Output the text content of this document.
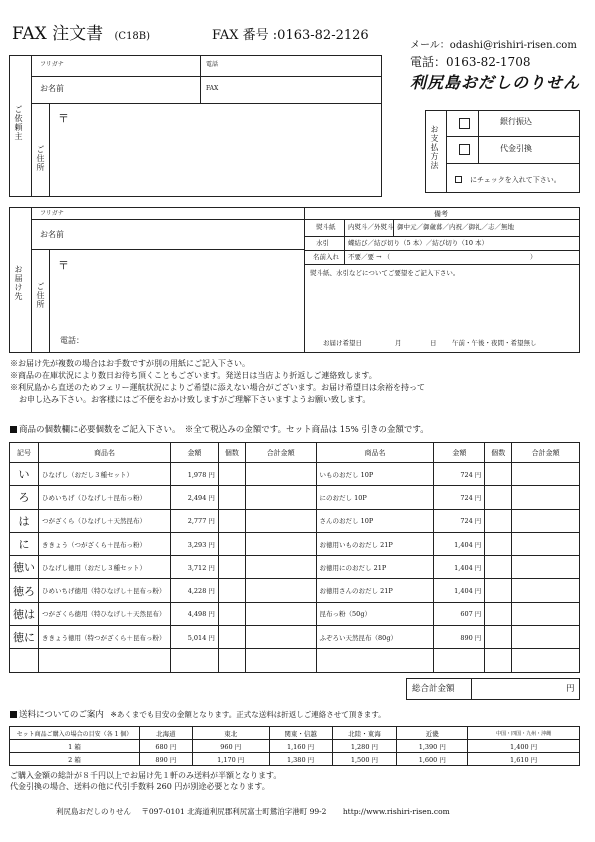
FAX 注文書 (C18B)	FAX 番号 :0163-82-2126
メール：odashi@rishiri-risen.com
電話：0163-82-1708
利尻島おだしのりせん
ご依頼主
フリガナ	電話
お名前	FAX
ご住所
〒
お支払方法
銀行振込
代金引換
にチェックを入れて下さい。
お届け先
フリガナ
お名前
ご住所
〒
電話：
備考
熨斗紙 内熨斗／外熨斗 御中元／御歳暮／内祝／御礼／志／無地
水引	蝶結び／結び切り（5 本）／結び切り（10 本）
名前入れ 不要／要 → （	）
熨斗紙、水引などについてご要望をご記入下さい。
お届け希望日	月	日 午前・午後・夜間・希望無し
※お届け先が複数の場合はお手数ですが別の用紙にご記入下さい。
※商品の在庫状況により数日お待ち頂くこともございます。発送日は当店より折返しご連絡致します。
※利尻島から直送のためフェリー運航状況によりご希望に添えない場合がございます。お届け希望日は余裕を持って
お申し込み下さい。お客様にはご不便をおかけ致しますがご理解下さいますようお願い致します。
商品の個数欄に必要個数をご記入下さい。　※全て税込みの金額です。セット商品は 15% 引きの金額です。
記号	商品名	金額	個数	合計金額	商品名	金額	個数	合計金額
い	ひなげし（おだし３種セット）	1,978 円			いものおだし 10P	724 円		
ろ	ひめいちげ（ひなげし＋昆布っ粉）	2,494 円			にのおだし 10P	724 円		
は	つがざくら（ひなげし＋天然昆布）	2,777 円			さんのおだし 10P	724 円		
に	ききょう（つがざくら＋昆布っ粉）	3,293 円			お徳用いものおだし 21P	1,404 円		
徳い	ひなげし徳用（おだし３種セット）	3,712 円			お徳用にのおだし 21P	1,404 円		
徳ろ	ひめいちげ徳用（特ひなげし＋昆布っ粉）	4,228 円			お徳用さんのおだし 21P	1,404 円		
徳は	つがざくら徳用（特ひなげし＋天然昆布）	4,498 円			昆布っ粉（50g）	607 円		
徳に	ききょう徳用（特つがざくら＋昆布っ粉）	5,014 円			ふぞろい天然昆布（80g）	890 円		

総合計金額	円
送料についてのご案内 ※あくまでも目安の金額となります。正式な送料は折返しご連絡させて頂きます。
セット商品ご購入の場合の目安（各 1 個）	北海道	東北	関東・信越	北陸・東海	近畿	中国・四国・九州・沖縄
1 箱	680 円	960 円	1,160 円	1,280 円	1,390 円	1,400 円
2 箱	890 円	1,170 円	1,380 円	1,500 円	1,600 円	1,610 円
ご購入金額の総計が８千円以上でお届け先１軒のみ送料が半額となります。
代金引換の場合、送料の他に代引手数料 260 円が別途必要となります。
利尻島おだしのりせん 〒097-0101 北海道利尻郡利尻富士町鴛泊字港町 99-2 http://www.rishiri-risen.com
